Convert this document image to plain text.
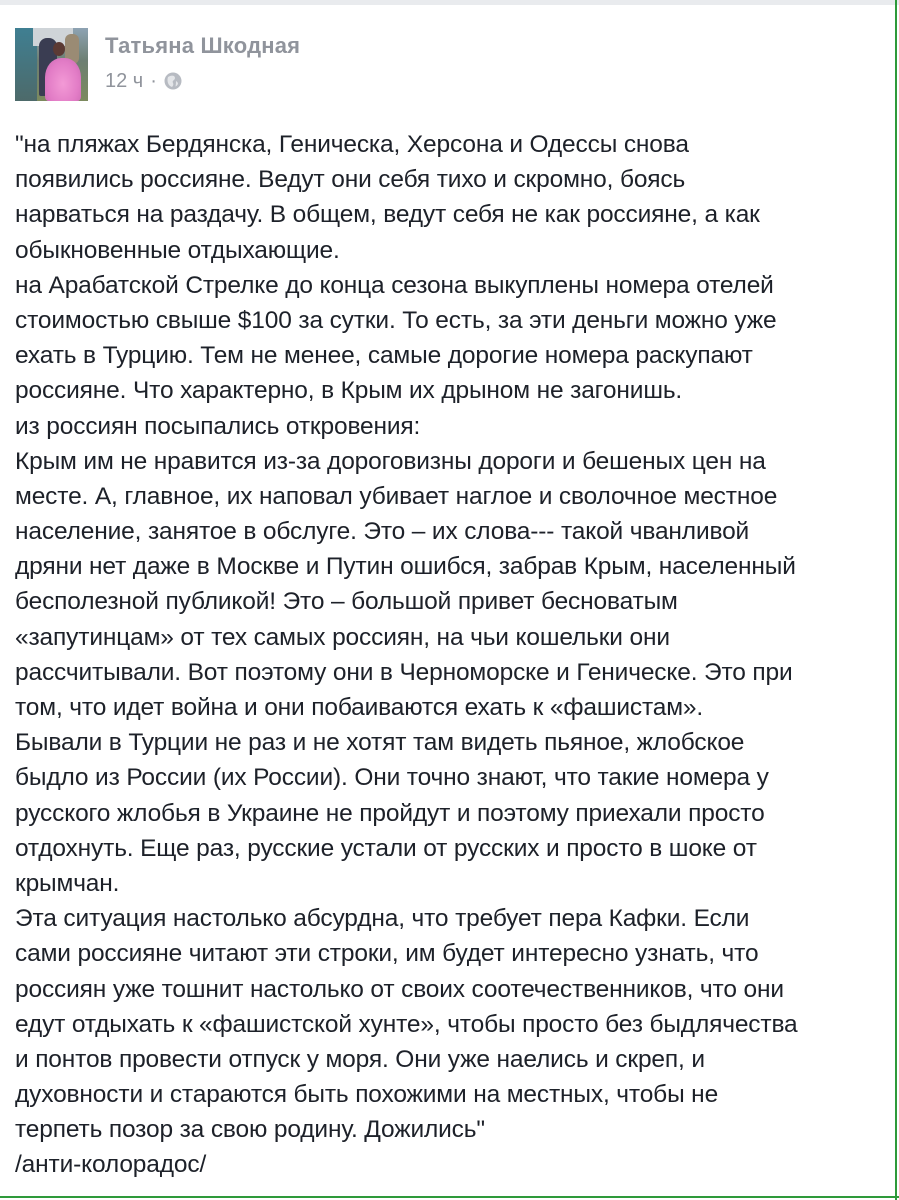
Татьяна Шкодная
12 ч ·
"на пляжах Бердянска, Геническа, Херсона и Одессы снова
появились россияне. Ведут они себя тихо и скромно, боясь
нарваться на раздачу. В общем, ведут себя не как россияне, а как
обыкновенные отдыхающие.
на Арабатской Стрелке до конца сезона выкуплены номера отелей
стоимостью свыше $100 за сутки. То есть, за эти деньги можно уже
ехать в Турцию. Тем не менее, самые дорогие номера раскупают
россияне. Что характерно, в Крым их дрыном не загонишь.
из россиян посыпались откровения:
Крым им не нравится из-за дороговизны дороги и бешеных цен на
месте. А, главное, их наповал убивает наглое и сволочное местное
население, занятое в обслуге. Это – их слова--- такой чванливой
дряни нет даже в Москве и Путин ошибся, забрав Крым, населенный
бесполезной публикой! Это – большой привет бесноватым
«запутинцам» от тех самых россиян, на чьи кошельки они
рассчитывали. Вот поэтому они в Черноморске и Геническе. Это при
том, что идет война и они побаиваются ехать к «фашистам».
Бывали в Турции не раз и не хотят там видеть пьяное, жлобское
быдло из России (их России). Они точно знают, что такие номера у
русского жлобья в Украине не пройдут и поэтому приехали просто
отдохнуть. Еще раз, русские устали от русских и просто в шоке от
крымчан.
Эта ситуация настолько абсурдна, что требует пера Кафки. Если
сами россияне читают эти строки, им будет интересно узнать, что
россиян уже тошнит настолько от своих соотечественников, что они
едут отдыхать к «фашистской хунте», чтобы просто без быдлячества
и понтов провести отпуск у моря. Они уже наелись и скреп, и
духовности и стараются быть похожими на местных, чтобы не
терпеть позор за свою родину. Дожились"
/анти-колорадос/
